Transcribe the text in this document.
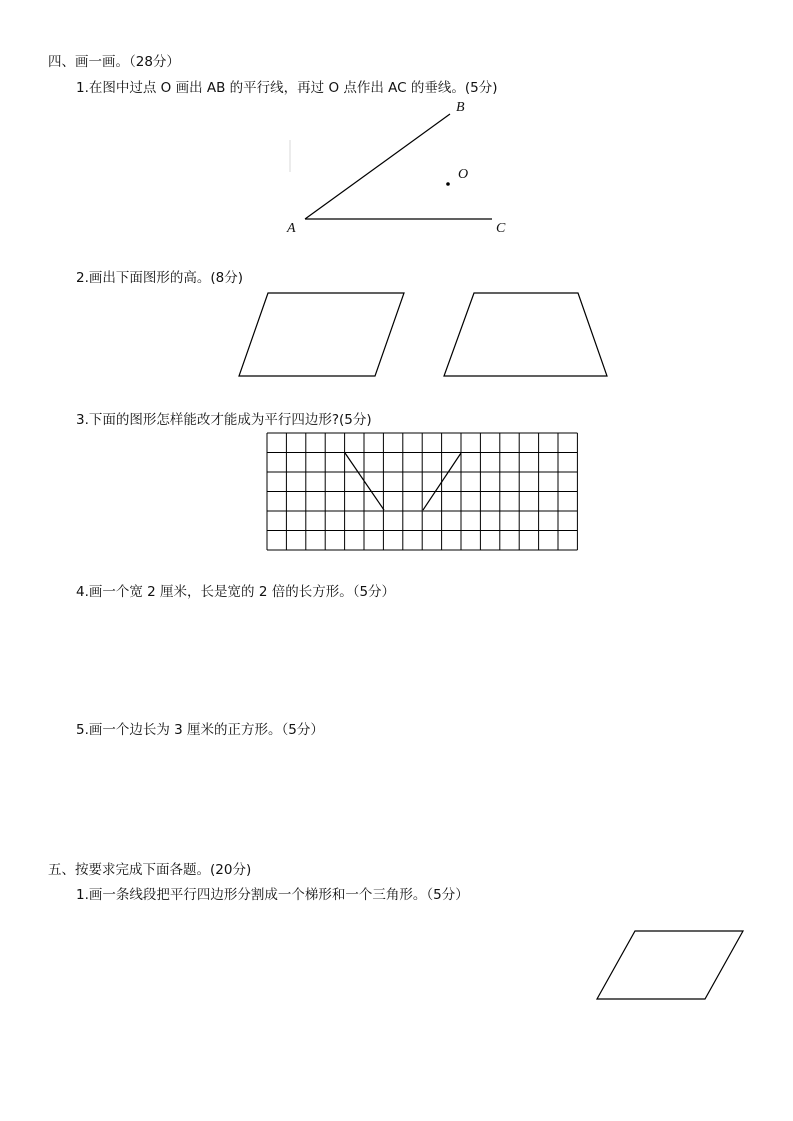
四、画一画。（28分）
1.在图中过点 O 画出 AB 的平行线，再过 O 点作出 AC 的垂线。(5分)
2.画出下面图形的高。(8分)
3.下面的图形怎样能改才能成为平行四边形?(5分)
4.画一个宽 2 厘米，长是宽的 2 倍的长方形。（5分）
5.画一个边长为 3 厘米的正方形。（5分）
五、按要求完成下面各题。(20分)
1.画一条线段把平行四边形分割成一个梯形和一个三角形。（5分）
B
O
A	C
